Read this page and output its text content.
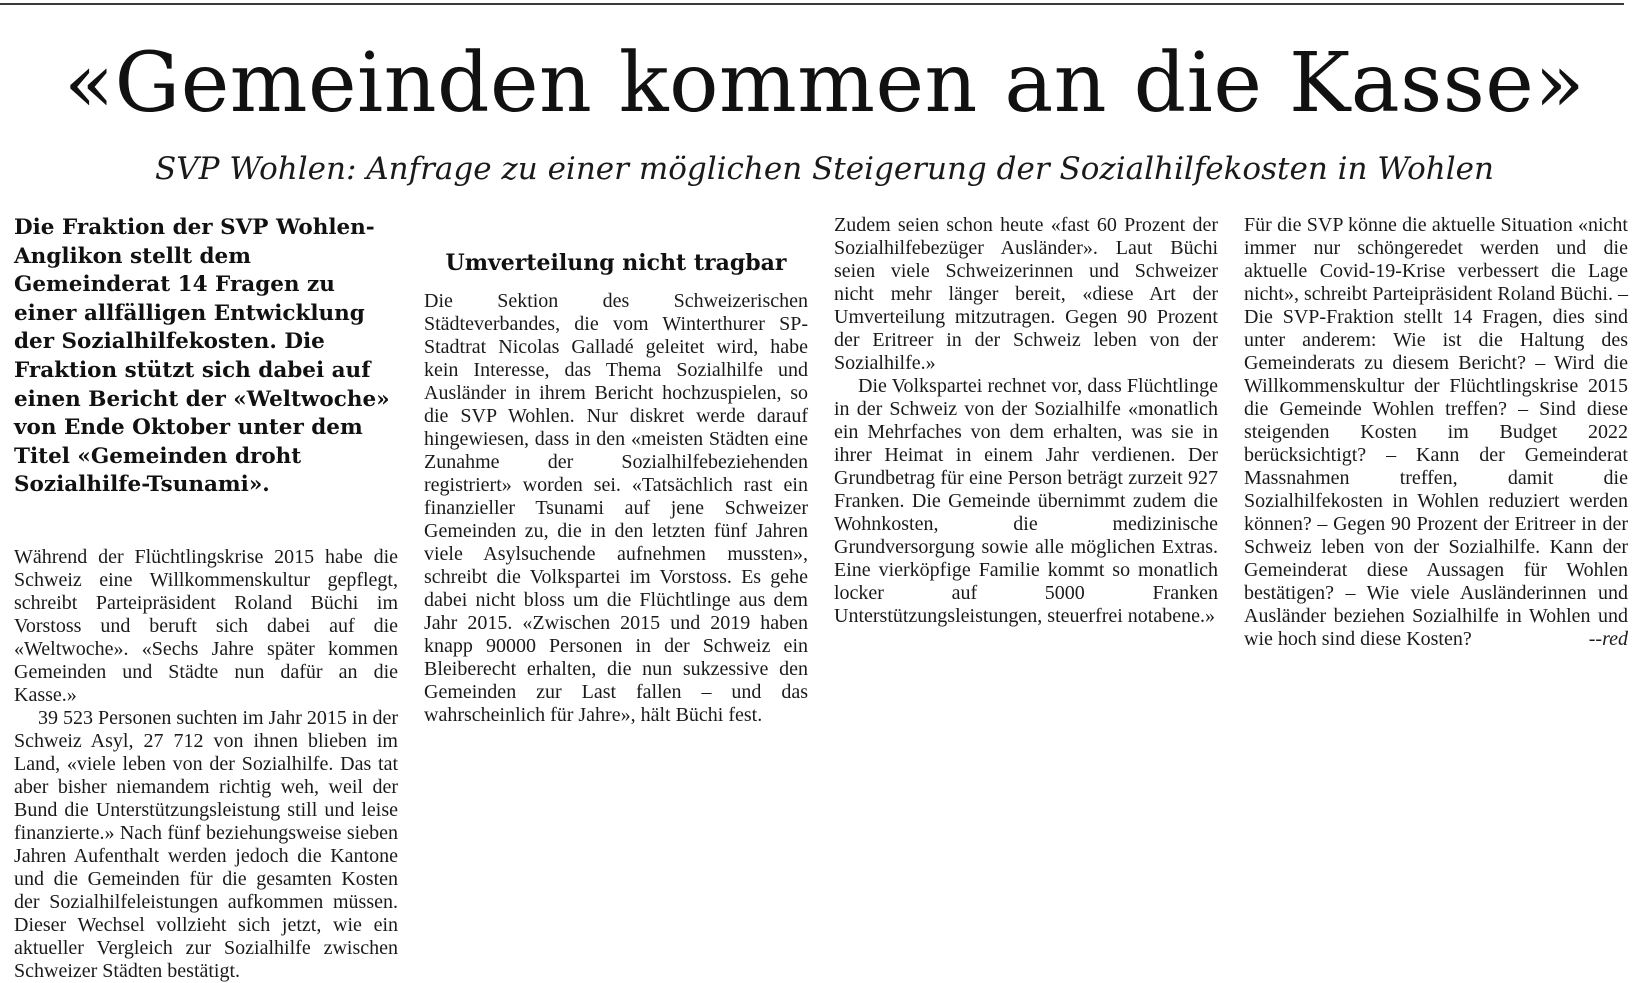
«Gemeinden kommen an die Kasse»
SVP Wohlen: Anfrage zu einer möglichen Steigerung der Sozialhilfekosten in Wohlen

Die Fraktion der SVP Wohlen-Anglikon stellt dem Gemeinderat 14 Fragen zu einer allfälligen Entwicklung der Sozialhilfekosten. Die Fraktion stützt sich dabei auf einen Bericht der «Weltwoche» von Ende Oktober unter dem Titel «Gemeinden droht Sozialhilfe-Tsunami».

Während der Flüchtlingskrise 2015 habe die Schweiz eine Willkommenskultur gepflegt, schreibt Parteipräsident Roland Büchi im Vorstoss und beruft sich dabei auf die «Weltwoche». «Sechs Jahre später kommen Gemeinden und Städte nun dafür an die Kasse.»

39 523 Personen suchten im Jahr 2015 in der Schweiz Asyl, 27 712 von ihnen blieben im Land, «viele leben von der Sozialhilfe. Das tat aber bisher niemandem richtig weh, weil der Bund die Unterstützungsleistung still und leise finanzierte.» Nach fünf beziehungsweise sieben Jahren Aufenthalt werden jedoch die Kantone und die Gemeinden für die gesamten Kosten der Sozialhilfeleistungen aufkommen müssen. Dieser Wechsel vollzieht sich jetzt, wie ein aktueller Vergleich zur Sozialhilfe zwischen Schweizer Städten bestätigt.

Umverteilung nicht tragbar

Die Sektion des Schweizerischen Städteverbandes, die vom Winterthurer SP-Stadtrat Nicolas Galladé geleitet wird, habe kein Interesse, das Thema Sozialhilfe und Ausländer in ihrem Bericht hochzuspielen, so die SVP Wohlen. Nur diskret werde darauf hingewiesen, dass in den «meisten Städten eine Zunahme der Sozialhilfebeziehenden registriert» worden sei. «Tatsächlich rast ein finanzieller Tsunami auf jene Schweizer Gemeinden zu, die in den letzten fünf Jahren viele Asylsuchende aufnehmen mussten», schreibt die Volkspartei im Vorstoss. Es gehe dabei nicht bloss um die Flüchtlinge aus dem Jahr 2015. «Zwischen 2015 und 2019 haben knapp 90000 Personen in der Schweiz ein Bleiberecht erhalten, die nun sukzessive den Gemeinden zur Last fallen – und das wahrscheinlich für Jahre», hält Büchi fest.

Zudem seien schon heute «fast 60 Prozent der Sozialhilfebezüger Ausländer». Laut Büchi seien viele Schweizerinnen und Schweizer nicht mehr länger bereit, «diese Art der Umverteilung mitzutragen. Gegen 90 Prozent der Eritreer in der Schweiz leben von der Sozialhilfe.»

Die Volkspartei rechnet vor, dass Flüchtlinge in der Schweiz von der Sozialhilfe «monatlich ein Mehrfaches von dem erhalten, was sie in ihrer Heimat in einem Jahr verdienen. Der Grundbetrag für eine Person beträgt zurzeit 927 Franken. Die Gemeinde übernimmt zudem die Wohnkosten, die medizinische Grundversorgung sowie alle möglichen Extras. Eine vierköpfige Familie kommt so monatlich locker auf 5000 Franken Unterstützungsleistungen, steuerfrei notabene.»

Für die SVP könne die aktuelle Situation «nicht immer nur schöngeredet werden und die aktuelle Covid-19-Krise verbessert die Lage nicht», schreibt Parteipräsident Roland Büchi. – Die SVP-Fraktion stellt 14 Fragen, dies sind unter anderem: Wie ist die Haltung des Gemeinderats zu diesem Bericht? – Wird die Willkommenskultur der Flüchtlingskrise 2015 die Gemeinde Wohlen treffen? – Sind diese steigenden Kosten im Budget 2022 berücksichtigt? – Kann der Gemeinderat Massnahmen treffen, damit die Sozialhilfekosten in Wohlen reduziert werden können? – Gegen 90 Prozent der Eritreer in der Schweiz leben von der Sozialhilfe. Kann der Gemeinderat diese Aussagen für Wohlen bestätigen? – Wie viele Ausländerinnen und Ausländer beziehen Sozialhilfe in Wohlen und wie hoch sind diese Kosten?	--red
